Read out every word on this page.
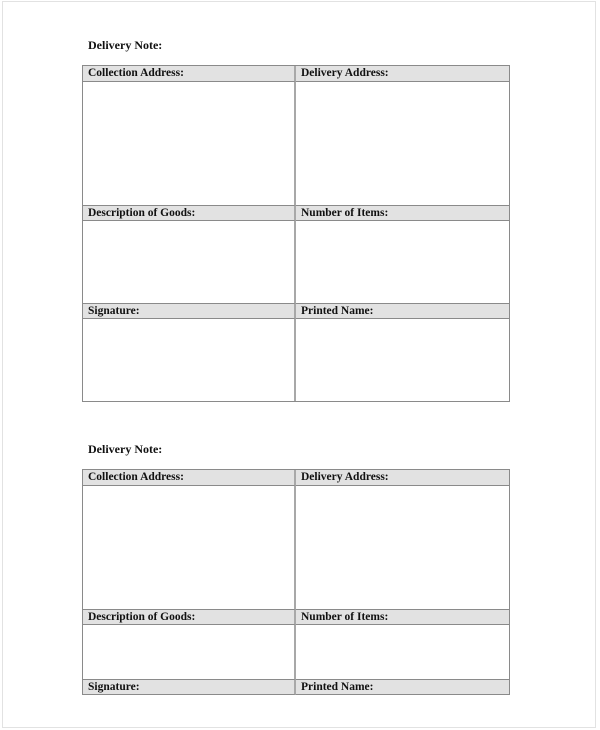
Delivery Note:
Collection Address:	Delivery Address:
Description of Goods:	Number of Items:
Signature:	Printed Name:
Delivery Note:
Collection Address:	Delivery Address:
Description of Goods:	Number of Items:
Signature:	Printed Name:
